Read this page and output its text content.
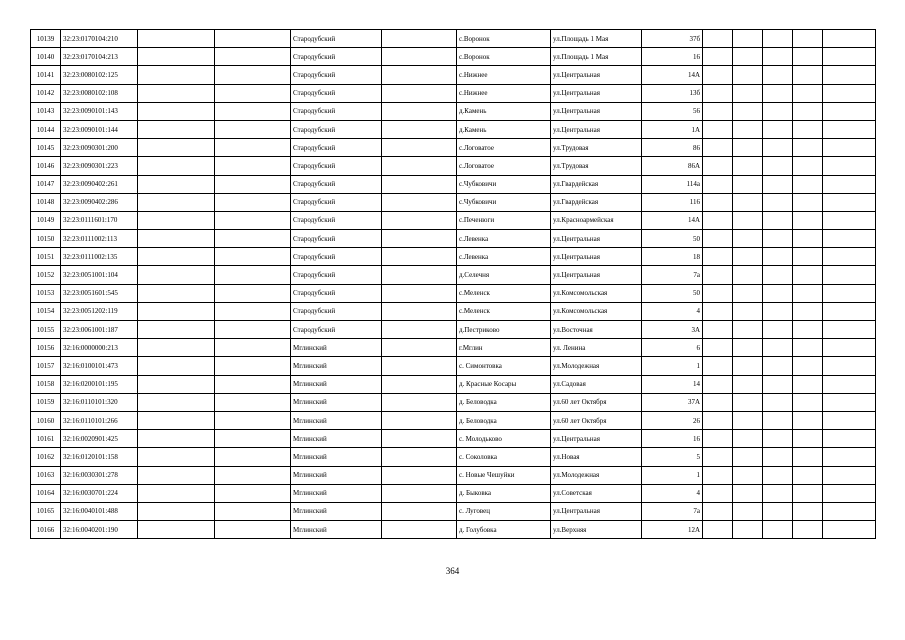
10139	32:23:0170104:210			Стародубский		с.Воронок	ул.Площадь 1 Мая	37б					
10140	32:23:0170104:213			Стародубский		с.Воронок	ул.Площадь 1 Мая	16					
10141	32:23:0080102:125			Стародубский		с.Нижнее	ул.Центральная	14А					
10142	32:23:0080102:108			Стародубский		с.Нижнее	ул.Центральная	13б					
10143	32:23:0090101:143			Стародубский		д.Камень	ул.Центральная	56					
10144	32:23:0090101:144			Стародубский		д.Камень	ул.Центральная	1А					
10145	32:23:0090301:200			Стародубский		с.Логоватое	ул.Трудовая	86					
10146	32:23:0090301:223			Стародубский		с.Логоватое	ул.Трудовая	86А					
10147	32:23:0090402:261			Стародубский		с.Чубковичи	ул.Гвардейская	114а					
10148	32:23:0090402:286			Стародубский		с.Чубковичи	ул.Гвардейская	116					
10149	32:23:0111601:170			Стародубский		с.Печенюги	ул.Красноармейская	14А					
10150	32:23:0111002:113			Стародубский		с.Левенка	ул.Центральная	50					
10151	32:23:0111002:135			Стародубский		с.Левенка	ул.Центральная	18					
10152	32:23:0051001:104			Стародубский		д.Селечня	ул.Центральная	7а					
10153	32:23:0051601:545			Стародубский		с.Меленск	ул.Комсомольская	50					
10154	32:23:0051202:119			Стародубский		с.Меленск	ул.Комсомольская	4					
10155	32:23:0061001:187			Стародубский		д.Пестриково	ул.Восточная	3А					
10156	32:16:0000000:213			Мглинский		г.Мглин	ул. Ленина	6					
10157	32:16:0100101:473			Мглинский		с. Симонтовка	ул.Молодежная	1					
10158	32:16:0200101:195			Мглинский		д. Красные Косары	ул.Садовая	14					
10159	32:16:0110101:320			Мглинский		д. Беловодка	ул.60 лет Октября	37А					
10160	32:16:0110101:266			Мглинский		д. Беловодка	ул.60 лет Октября	26					
10161	32:16:0020901:425			Мглинский		с. Молодьково	ул.Центральная	16					
10162	32:16:0120101:158			Мглинский		с. Соколовка	ул.Новая	5					
10163	32:16:0030301:278			Мглинский		с. Новые Чешуйки	ул.Молодежная	1					
10164	32:16:0030701:224			Мглинский		д. Быковка	ул.Советская	4					
10165	32:16:0040101:488			Мглинский		с. Луговец	ул.Центральная	7а					
10166	32:16:0040201:190			Мглинский		д. Голубовка	ул.Верхняя	12А					
364
